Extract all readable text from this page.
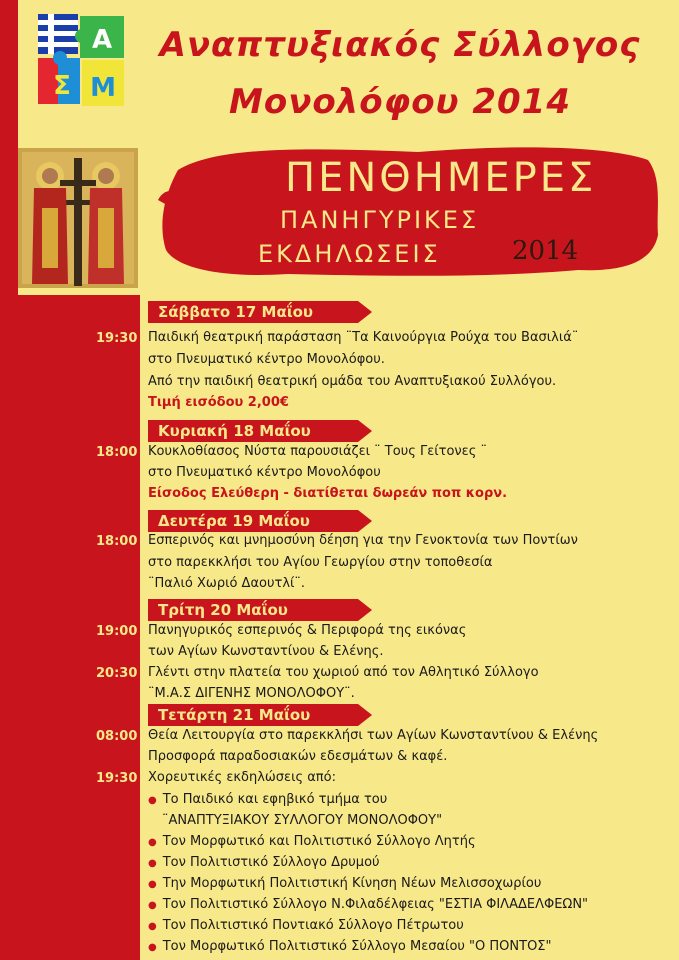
Α
Σ Μ
Αναπτυξιακός Σύλλογος
Μονολόφου 2014
ΠΕΝΘΗΜΕΡΕΣ
ΠΑΝΗΓΥΡΙΚΕΣ
ΕΚΔΗΛΩΣΕΙΣ	2014
Σάββατο 17 Μαΐου
19:30 Παιδική θεατρική παράσταση ¨Τα Καινούργια Ρούχα του Βασιλιά¨
στο Πνευματικό κέντρο Μονολόφου.
Από την παιδική θεατρική ομάδα του Αναπτυξιακού Συλλόγου.
Τιμή εισόδου 2,00€
Κυριακή 18 Μαΐου
18:00 Κουκλοθίασος Νύστα παρουσιάζει ¨ Τους Γείτονες ¨
στο Πνευματικό κέντρο Μονολόφου
Είσοδος Ελεύθερη - διατίθεται δωρεάν ποπ κορν.
Δευτέρα 19 Μαΐου
18:00 Εσπερινός και μνημοσύνη δέηση για την Γενοκτονία των Ποντίων
στο παρεκκλήσι του Αγίου Γεωργίου στην τοποθεσία
¨Παλιό Χωριό Δαουτλί¨.
Τρίτη 20 Μαΐου
19:00 Πανηγυρικός εσπερινός & Περιφορά της εικόνας
των Αγίων Κωνσταντίνου & Ελένης.
20:30 Γλέντι στην πλατεία του χωριού από τον Αθλητικό Σύλλογο
¨Μ.Α.Σ ΔΙΓΕΝΗΣ ΜΟΝΟΛΟΦΟΥ¨.
Τετάρτη 21 Μαΐου
08:00 Θεία Λειτουργία στο παρεκκλήσι των Αγίων Κωνσταντίνου & Ελένης
Προσφορά παραδοσιακών εδεσμάτων & καφέ.
19:30 Χορευτικές εκδηλώσεις από:
● Το Παιδικό και εφηβικό τμήμα του
¨ΑΝΑΠΤΥΞΙΑΚΟΥ ΣΥΛΛΟΓΟΥ ΜΟΝΟΛΟΦΟΥ"
● Τον Μορφωτικό και Πολιτιστικό Σύλλογο Λητής
● Τον Πολιτιστικό Σύλλογο Δρυμού
● Την Μορφωτική Πολιτιστική Κίνηση Νέων Μελισσοχωρίου
● Τον Πολιτιστικό Σύλλογο Ν.Φιλαδέλφειας "ΕΣΤΙΑ ΦΙΛΑΔΕΛΦΕΩΝ"
● Τον Πολιτιστικό Ποντιακό Σύλλογο Πέτρωτου
● Τον Μορφωτικό Πολιτιστικό Σύλλογο Μεσαίου "Ο ΠΟΝΤΟΣ"
